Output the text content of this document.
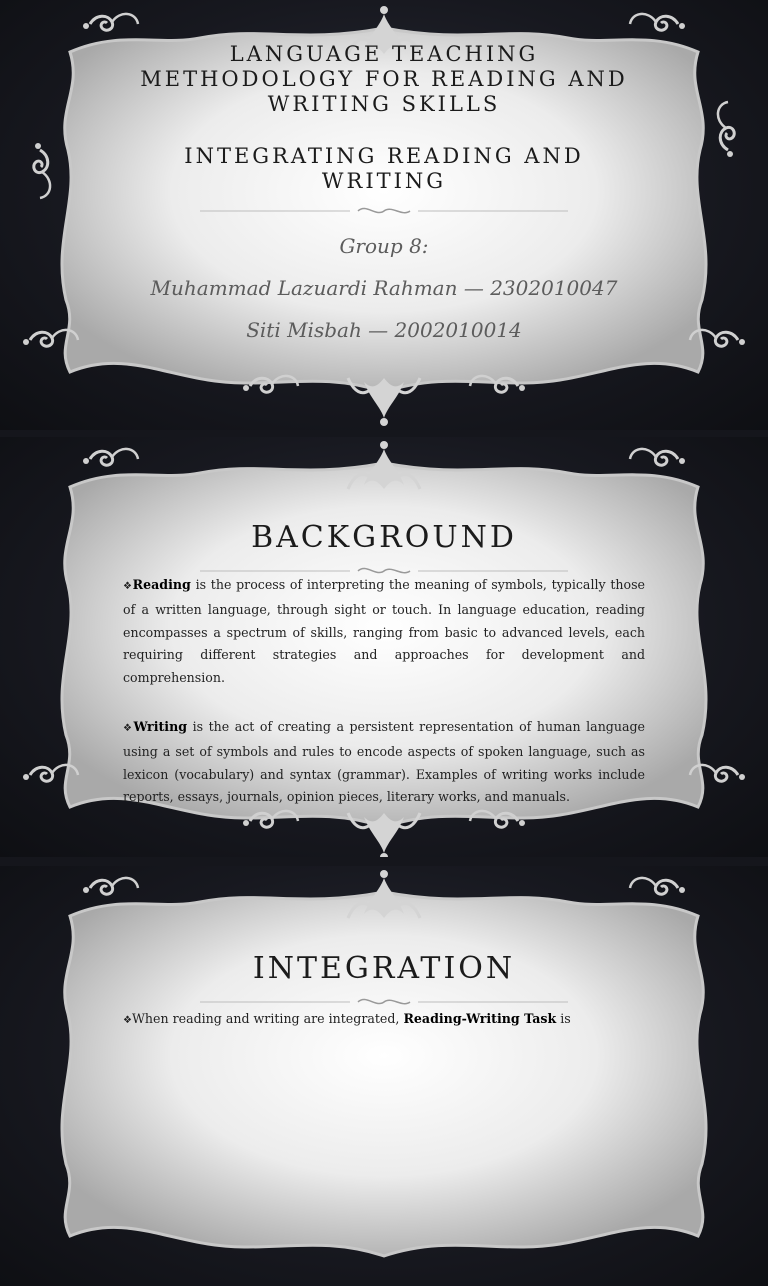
LANGUAGE TEACHING
METHODOLOGY FOR READING AND
WRITING SKILLS
INTEGRATING READING AND
WRITING

Group 8:

Muhammad Lazuardi Rahman — 2302010047

Siti Misbah — 2002010014

BACKGROUND
❖Reading is the process of interpreting the meaning of symbols, typically those of a written language, through sight or touch. In language education, reading encompasses a spectrum of skills, ranging from basic to advanced levels, each requiring different strategies and approaches for development and comprehension.
❖Writing is the act of creating a persistent representation of human language using a set of symbols and rules to encode aspects of spoken language, such as lexicon (vocabulary) and syntax (grammar). Examples of writing works include reports, essays, journals, opinion pieces, literary works, and manuals.
INTEGRATION
❖When reading and writing are integrated, Reading-Writing Task is
